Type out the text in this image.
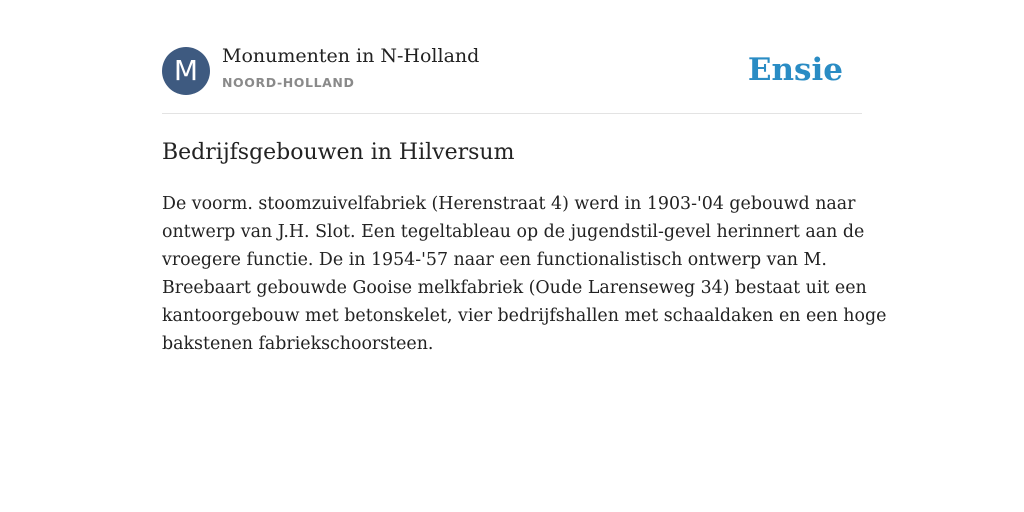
M	Monumenten in N-Holland
NOORD-HOLLAND	Ensie
Bedrijfsgebouwen in Hilversum

De voorm. stoomzuivelfabriek (Herenstraat 4) werd in 1903-'04 gebouwd naar
ontwerp van J.H. Slot. Een tegeltableau op de jugendstil-gevel herinnert aan de
vroegere functie. De in 1954-'57 naar een functionalistisch ontwerp van M.
Breebaart gebouwde Gooise melkfabriek (Oude Larenseweg 34) bestaat uit een
kantoorgebouw met betonskelet, vier bedrijfshallen met schaaldaken en een hoge
bakstenen fabriekschoorsteen.
